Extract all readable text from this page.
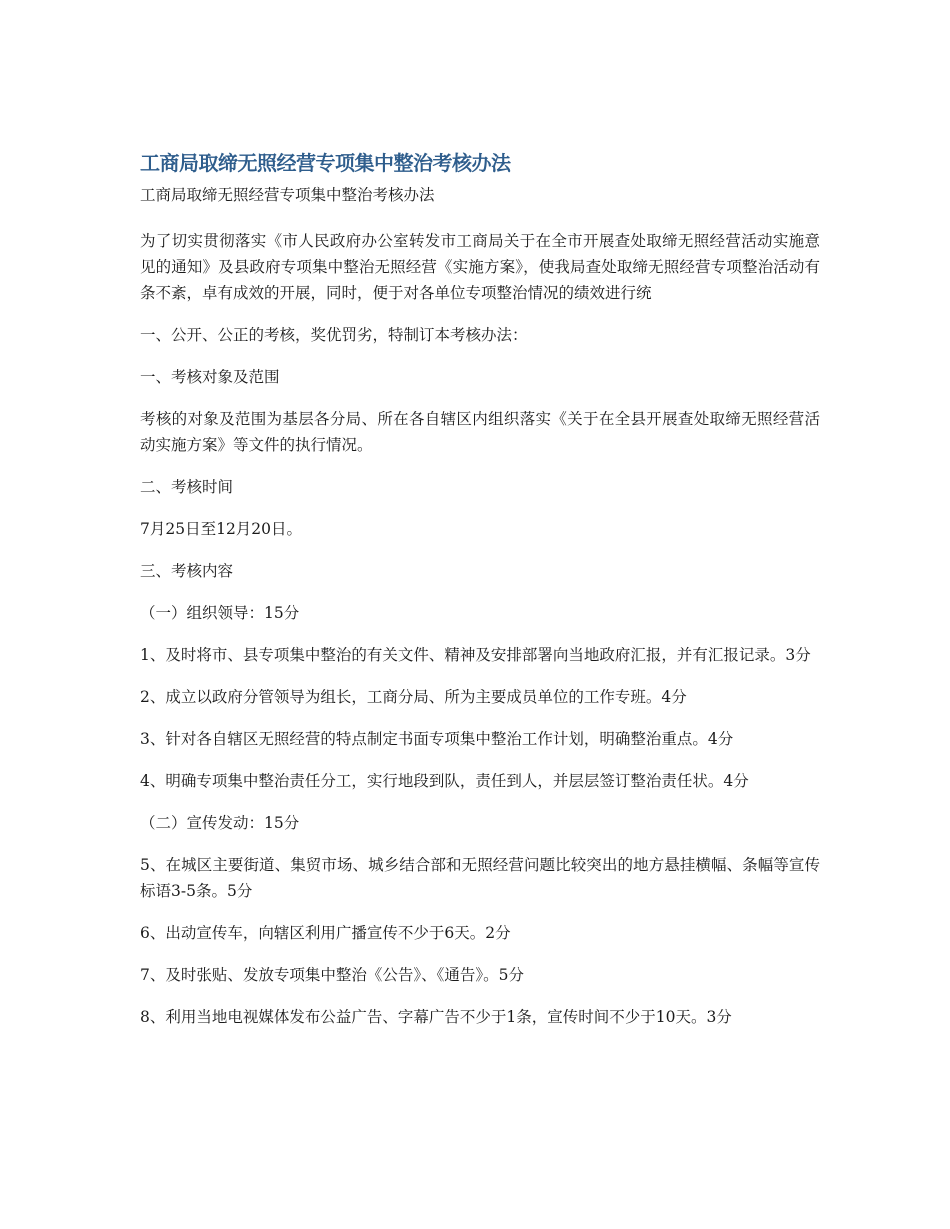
工商局取缔无照经营专项集中整治考核办法

工商局取缔无照经营专项集中整治考核办法

为了切实贯彻落实《市人民政府办公室转发市工商局关于在全市开展查处取缔无照经营活动实施意见的通知》及县政府专项集中整治无照经营《实施方案》，使我局查处取缔无照经营专项整治活动有条不紊，卓有成效的开展，同时，便于对各单位专项整治情况的绩效进行统

一、公开、公正的考核，奖优罚劣，特制订本考核办法：

一、考核对象及范围

考核的对象及范围为基层各分局、所在各自辖区内组织落实《关于在全县开展查处取缔无照经营活动实施方案》等文件的执行情况。

二、考核时间

7月25日至12月20日。

三、考核内容

（一）组织领导：15分

1、及时将市、县专项集中整治的有关文件、精神及安排部署向当地政府汇报，并有汇报记录。3分

2、成立以政府分管领导为组长，工商分局、所为主要成员单位的工作专班。4分

3、针对各自辖区无照经营的特点制定书面专项集中整治工作计划，明确整治重点。4分

4、明确专项集中整治责任分工，实行地段到队，责任到人，并层层签订整治责任状。4分

（二）宣传发动：15分

5、在城区主要街道、集贸市场、城乡结合部和无照经营问题比较突出的地方悬挂横幅、条幅等宣传标语3-5条。5分

6、出动宣传车，向辖区利用广播宣传不少于6天。2分

7、及时张贴、发放专项集中整治《公告》、《通告》。5分

8、利用当地电视媒体发布公益广告、字幕广告不少于1条，宣传时间不少于10天。3分
